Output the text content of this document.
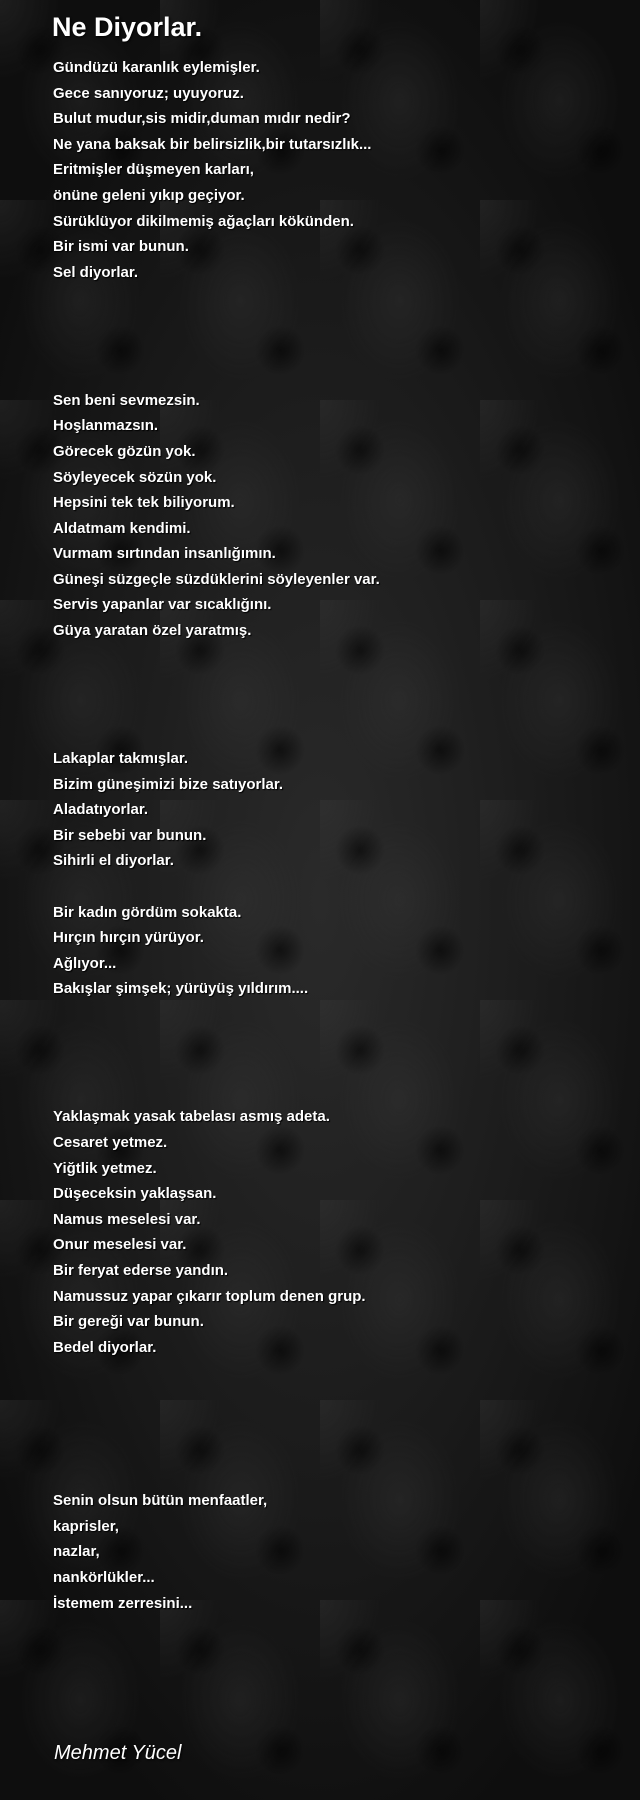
Ne Diyorlar.
Gündüzü karanlık eylemişler.
Gece sanıyoruz; uyuyoruz.
Bulut mudur,sis midir,duman mıdır nedir?
Ne yana baksak bir belirsizlik,bir tutarsızlık...
Eritmişler düşmeyen karları,
önüne geleni yıkıp geçiyor.
Sürüklüyor dikilmemiş ağaçları kökünden.
Bir ismi var bunun.
Sel diyorlar.

Sen beni sevmezsin.
Hoşlanmazsın.
Görecek gözün yok.
Söyleyecek sözün yok.
Hepsini tek tek biliyorum.
Aldatmam kendimi.
Vurmam sırtından insanlığımın.
Güneşi süzgeçle süzdüklerini söyleyenler var.
Servis yapanlar var sıcaklığını.
Güya yaratan özel yaratmış.

Lakaplar takmışlar.
Bizim güneşimizi bize satıyorlar.
Aladatıyorlar.
Bir sebebi var bunun.
Sihirli el diyorlar.

Bir kadın gördüm sokakta.
Hırçın hırçın yürüyor.
Ağlıyor...
Bakışlar şimşek; yürüyüş yıldırım....

Yaklaşmak yasak tabelası asmış adeta.
Cesaret yetmez.
Yiğtlik yetmez.
Düşeceksin yaklaşsan.
Namus meselesi var.
Onur meselesi var.
Bir feryat ederse yandın.
Namussuz yapar çıkarır toplum denen grup.
Bir gereği var bunun.
Bedel diyorlar.

Senin olsun bütün menfaatler,
kaprisler,
nazlar,
nankörlükler...
İstemem zerresini...
Mehmet Yücel
